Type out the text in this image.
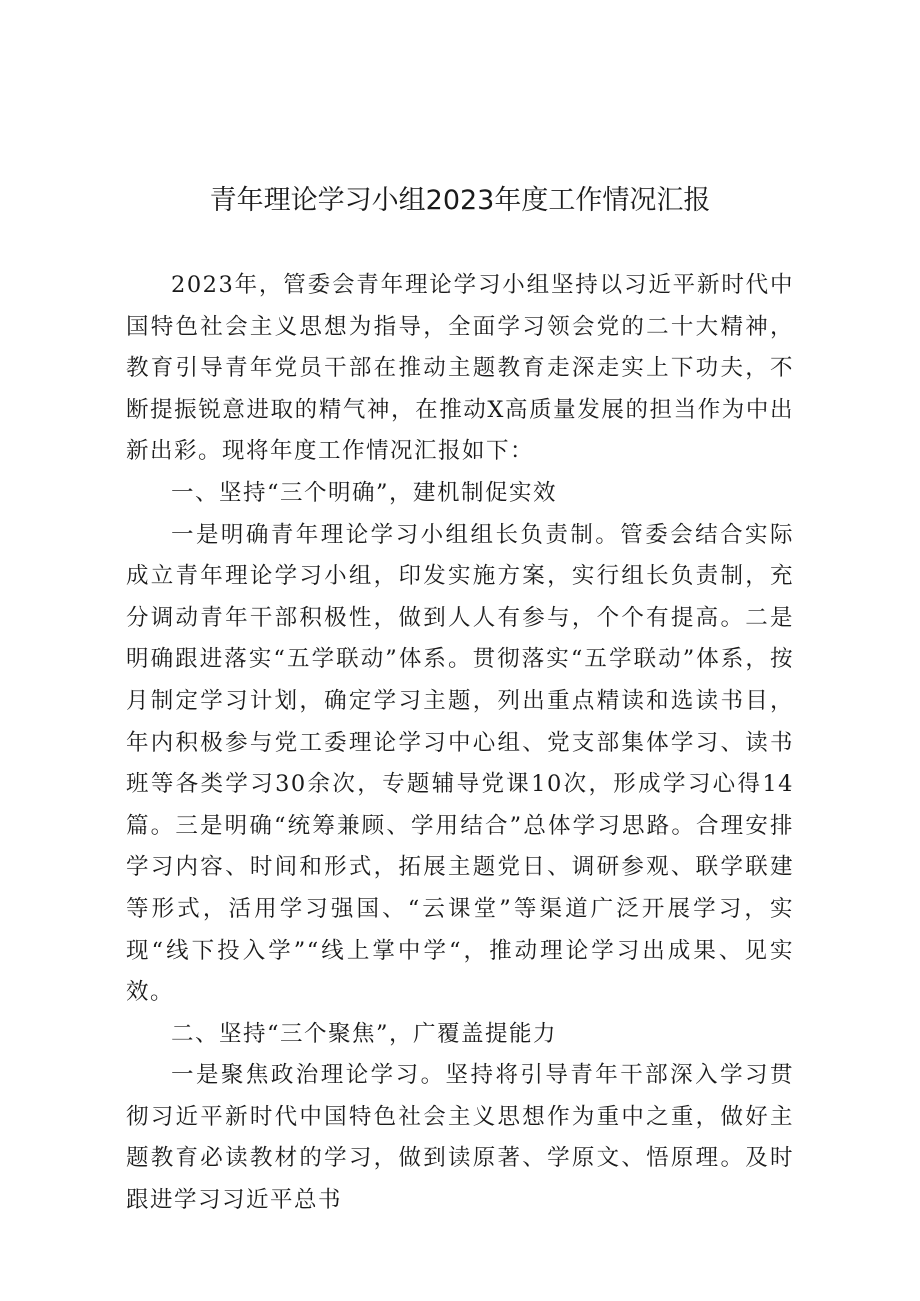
青年理论学习小组2023年度工作情况汇报

2023年，管委会青年理论学习小组坚持以习近平新时代中国特色社会主义思想为指导，全面学习领会党的二十大精神，教育引导青年党员干部在推动主题教育走深走实上下功夫，不断提振锐意进取的精气神，在推动X高质量发展的担当作为中出新出彩。现将年度工作情况汇报如下：

一、坚持“三个明确”，建机制促实效

一是明确青年理论学习小组组长负责制。管委会结合实际成立青年理论学习小组，印发实施方案，实行组长负责制，充分调动青年干部积极性，做到人人有参与，个个有提高。二是明确跟进落实“五学联动”体系。贯彻落实“五学联动”体系，按月制定学习计划，确定学习主题，列出重点精读和选读书目，年内积极参与党工委理论学习中心组、党支部集体学习、读书班等各类学习30余次，专题辅导党课10次，形成学习心得14篇。三是明确“统筹兼顾、学用结合”总体学习思路。合理安排学习内容、时间和形式，拓展主题党日、调研参观、联学联建等形式，活用学习强国、“云课堂”等渠道广泛开展学习，实现“线下投入学”“线上掌中学“，推动理论学习出成果、见实效。

二、坚持“三个聚焦”，广覆盖提能力

一是聚焦政治理论学习。坚持将引导青年干部深入学习贯彻习近平新时代中国特色社会主义思想作为重中之重，做好主题教育必读教材的学习，做到读原著、学原文、悟原理。及时跟进学习习近平总书
